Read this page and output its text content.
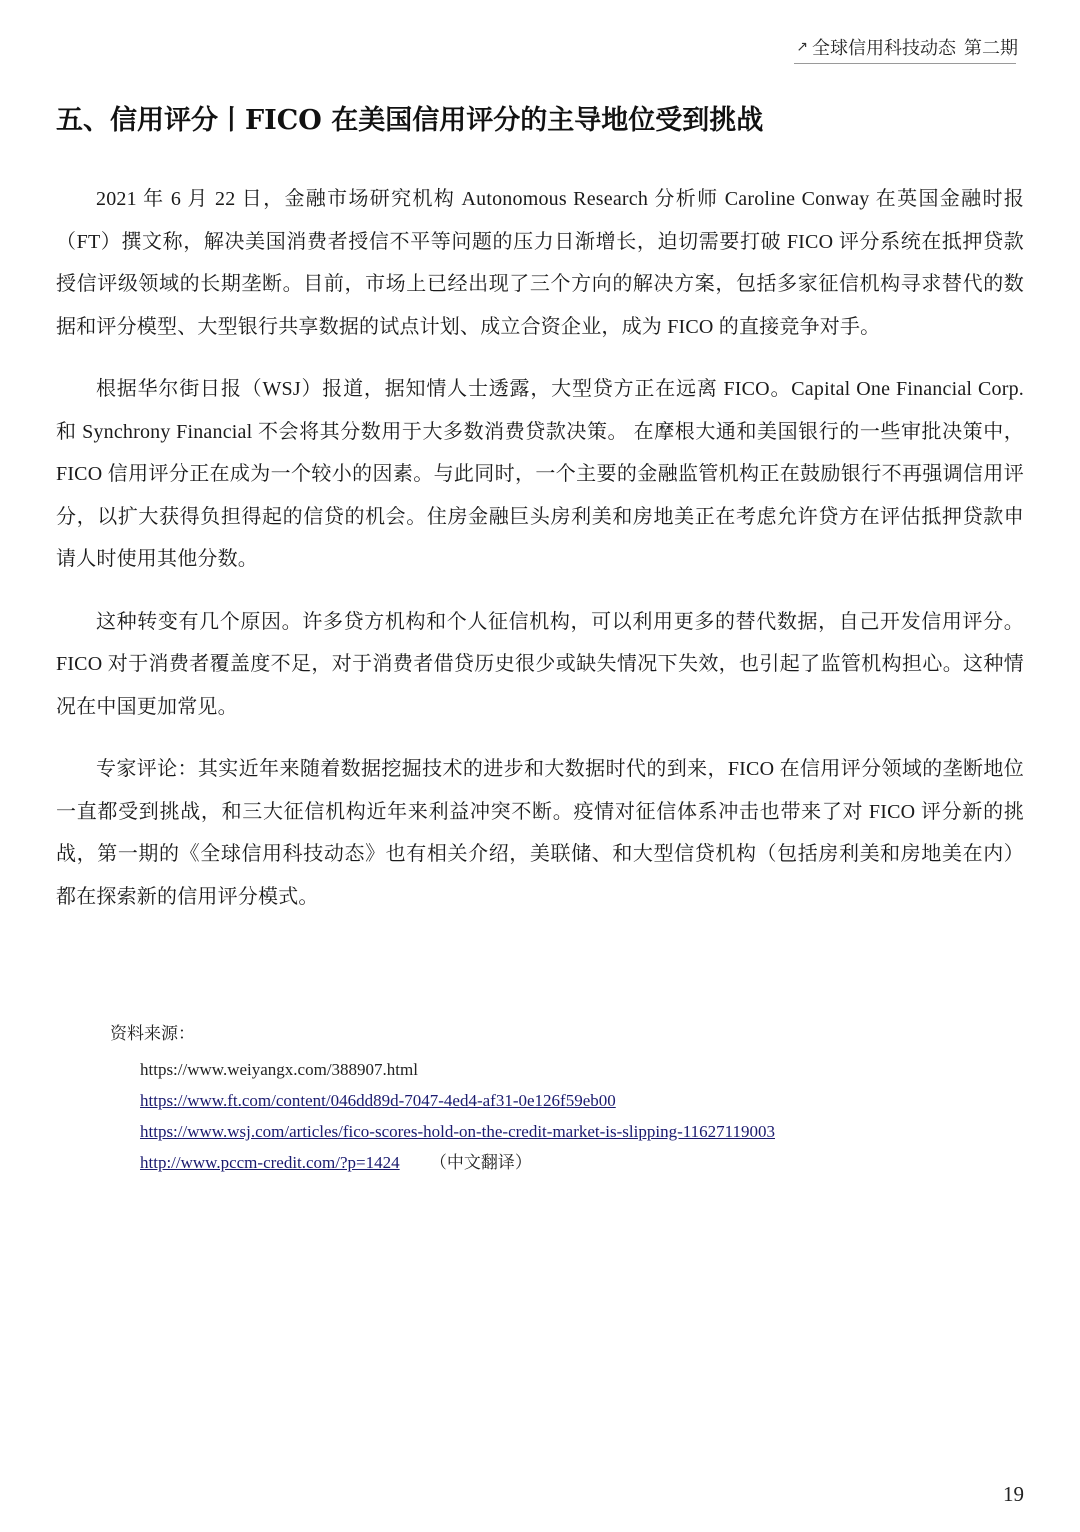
↗ 全球信用科技动态 第二期
五、信用评分丨FICO 在美国信用评分的主导地位受到挑战

2021 年 6 月 22 日，金融市场研究机构 Autonomous Research 分析师 Caroline Conway 在英国金融时报（FT）撰文称，解决美国消费者授信不平等问题的压力日渐增长，迫切需要打破 FICO 评分系统在抵押贷款授信评级领域的长期垄断。目前，市场上已经出现了三个方向的解决方案，包括多家征信机构寻求替代的数据和评分模型、大型银行共享数据的试点计划、成立合资企业，成为 FICO 的直接竞争对手。

根据华尔街日报（WSJ）报道，据知情人士透露，大型贷方正在远离 FICO。Capital One Financial Corp. 和 Synchrony Financial 不会将其分数用于大多数消费贷款决策。 在摩根大通和美国银行的一些审批决策中，FICO 信用评分正在成为一个较小的因素。与此同时，一个主要的金融监管机构正在鼓励银行不再强调信用评分，以扩大获得负担得起的信贷的机会。住房金融巨头房利美和房地美正在考虑允许贷方在评估抵押贷款申请人时使用其他分数。

这种转变有几个原因。许多贷方机构和个人征信机构，可以利用更多的替代数据，自己开发信用评分。FICO 对于消费者覆盖度不足，对于消费者借贷历史很少或缺失情况下失效，也引起了监管机构担心。这种情况在中国更加常见。

专家评论：其实近年来随着数据挖掘技术的进步和大数据时代的到来，FICO 在信用评分领域的垄断地位一直都受到挑战，和三大征信机构近年来利益冲突不断。疫情对征信体系冲击也带来了对 FICO 评分新的挑战，第一期的《全球信用科技动态》也有相关介绍，美联储、和大型信贷机构（包括房利美和房地美在内）都在探索新的信用评分模式。

资料来源：
https://www.weiyangx.com/388907.html
https://www.ft.com/content/046dd89d-7047-4ed4-af31-0e126f59eb00
https://www.wsj.com/articles/fico-scores-hold-on-the-credit-market-is-slipping-11627119003
http://www.pccm-credit.com/?p=1424 （中文翻译）
19
